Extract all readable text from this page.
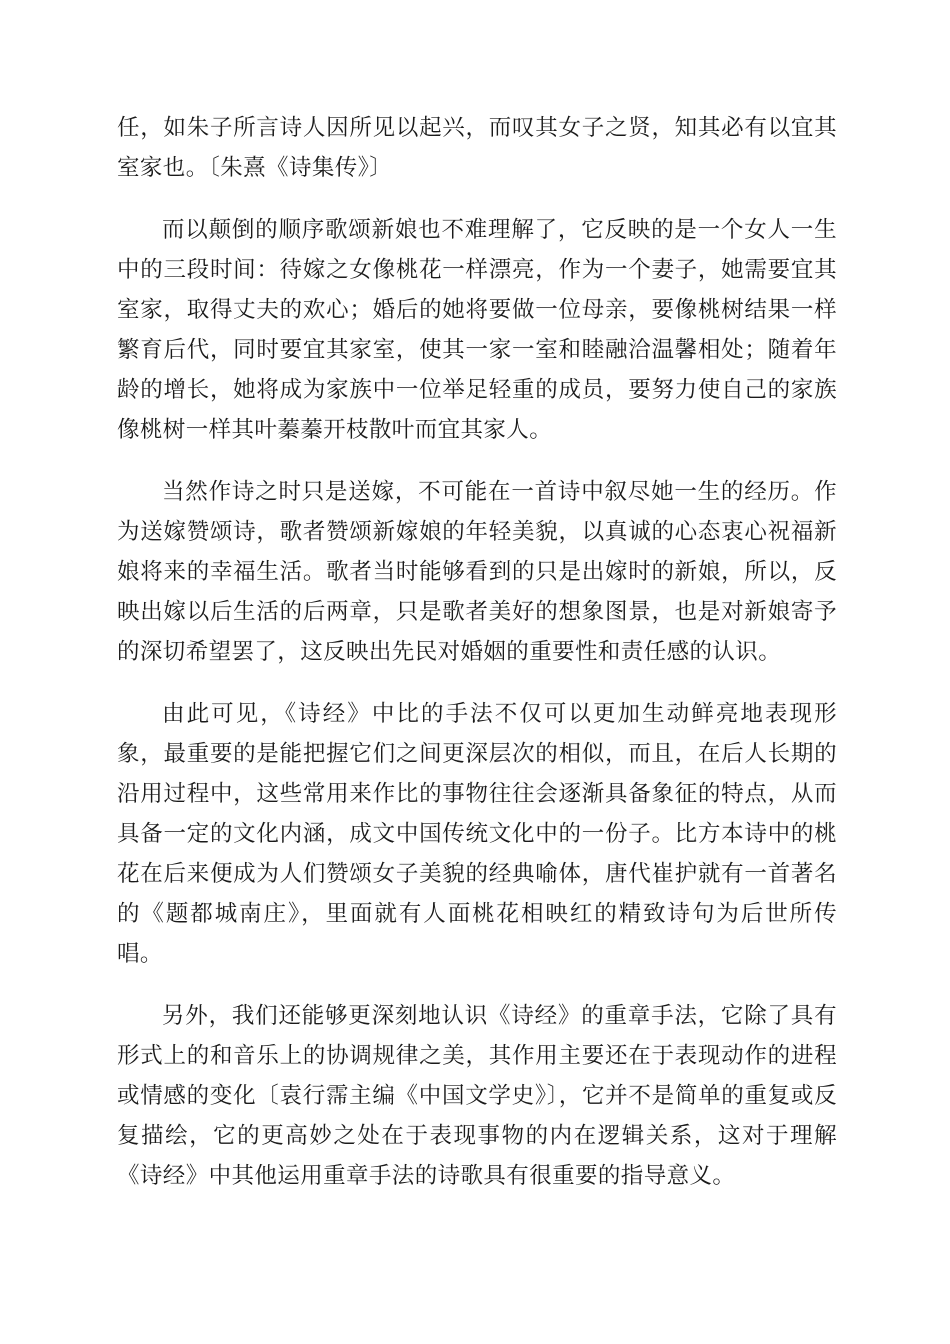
任，如朱子所言诗人因所见以起兴，而叹其女子之贤，知其必有以宜其室家也。〔朱熹《诗集传》〕

而以颠倒的顺序歌颂新娘也不难理解了，它反映的是一个女人一生中的三段时间：待嫁之女像桃花一样漂亮，作为一个妻子，她需要宜其室家，取得丈夫的欢心；婚后的她将要做一位母亲，要像桃树结果一样繁育后代，同时要宜其家室，使其一家一室和睦融洽温馨相处；随着年龄的增长，她将成为家族中一位举足轻重的成员，要努力使自己的家族像桃树一样其叶蓁蓁开枝散叶而宜其家人。

当然作诗之时只是送嫁，不可能在一首诗中叙尽她一生的经历。作为送嫁赞颂诗，歌者赞颂新嫁娘的年轻美貌，以真诚的心态衷心祝福新娘将来的幸福生活。歌者当时能够看到的只是出嫁时的新娘，所以，反映出嫁以后生活的后两章，只是歌者美好的想象图景，也是对新娘寄予的深切希望罢了，这反映出先民对婚姻的重要性和责任感的认识。

由此可见，《诗经》中比的手法不仅可以更加生动鲜亮地表现形象，最重要的是能把握它们之间更深层次的相似，而且，在后人长期的沿用过程中，这些常用来作比的事物往往会逐渐具备象征的特点，从而具备一定的文化内涵，成文中国传统文化中的一份子。比方本诗中的桃花在后来便成为人们赞颂女子美貌的经典喻体，唐代崔护就有一首著名的《题都城南庄》，里面就有人面桃花相映红的精致诗句为后世所传唱。

另外，我们还能够更深刻地认识《诗经》的重章手法，它除了具有形式上的和音乐上的协调规律之美，其作用主要还在于表现动作的进程或情感的变化〔袁行霈主编《中国文学史》〕，它并不是简单的重复或反复描绘，它的更高妙之处在于表现事物的内在逻辑关系，这对于理解《诗经》中其他运用重章手法的诗歌具有很重要的指导意义。
